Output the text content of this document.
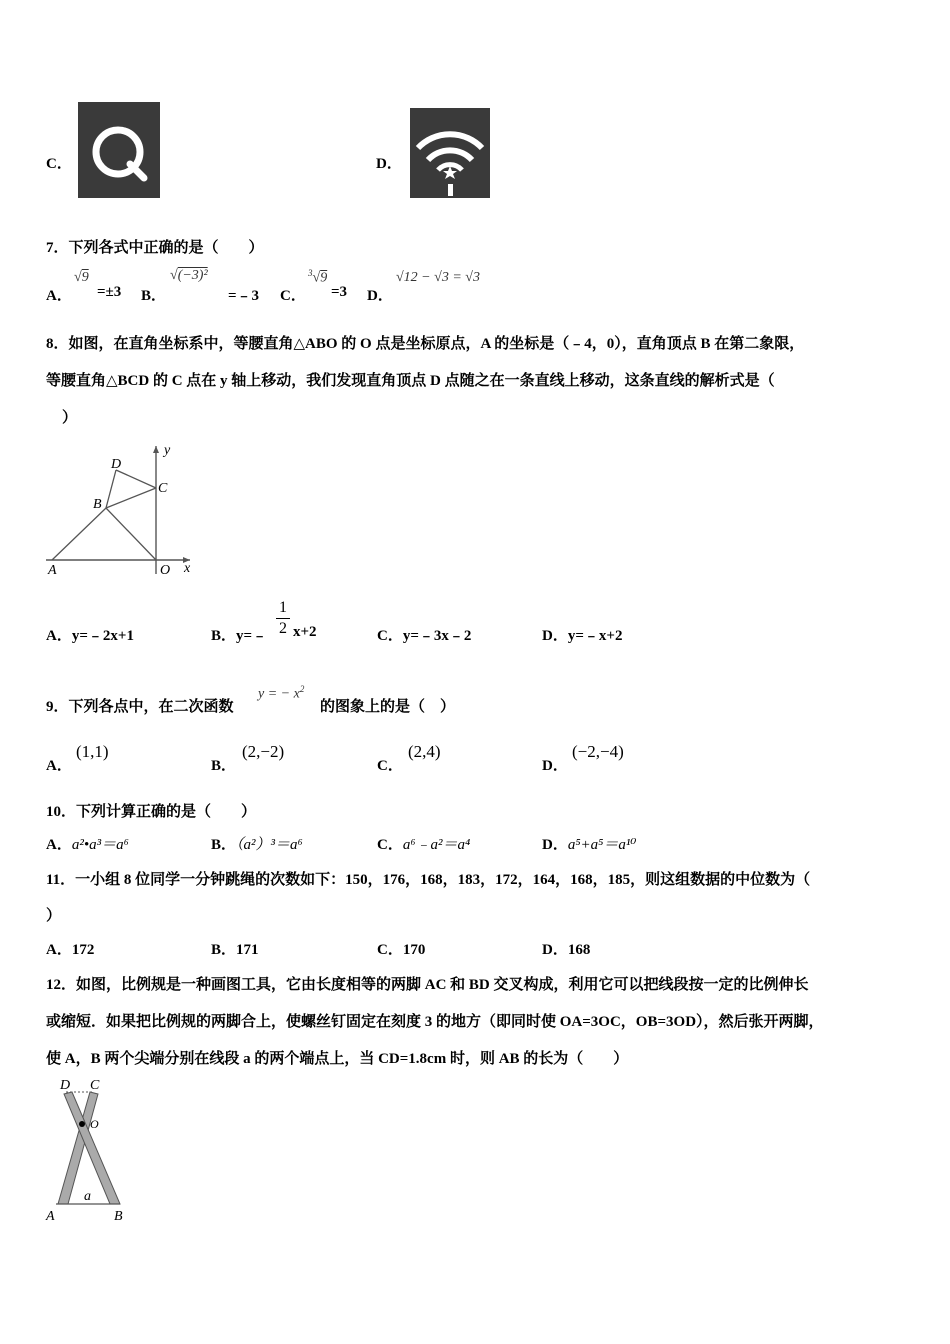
C．	D．
7．下列各式中正确的是（　　）
A．
√9
=±3 B．
√(−3)²
=﹣3 C．
$^3$√9
=3 D．
√12 − √3 = √3
8．如图，在直角坐标系中，等腰直角△ABO 的 O 点是坐标原点，A 的坐标是（﹣4，0），直角顶点 B 在第二象限，
等腰直角△BCD 的 C 点在 y 轴上移动，我们发现直角顶点 D 点随之在一条直线上移动，这条直线的解析式是（
）
D
C
B
A	O x
y
A．y=﹣2x+1	B．y=﹣
1
2 x+2	C．y=﹣3x﹣2	D．y=﹣x+2
9．下列各点中，在二次函数
y = − $x^2$
的图象上的是（　）
A．
(1,1)
B．
(2,−2)
C．
(2,4)
D．
(−2,−4)
10．下列计算正确的是（　　）
A．a²•a³＝a⁶	B．（a²）³＝a⁶	C．a⁶﹣a²＝a⁴	D．a⁵+a⁵＝a¹⁰
11．一小组 8 位同学一分钟跳绳的次数如下：150，176，168，183，172，164，168，185，则这组数据的中位数为（
）
A．172	B．171	C．170	D．168
12．如图，比例规是一种画图工具，它由长度相等的两脚 AC 和 BD 交叉构成，利用它可以把线段按一定的比例伸长
或缩短．如果把比例规的两脚合上，使螺丝钉固定在刻度 3 的地方（即同时使 OA=3OC，OB=3OD），然后张开两脚，
使 A，B 两个尖端分别在线段 a 的两个端点上，当 CD=1.8cm 时，则 AB 的长为（　　）
D C
O
a
A	B
